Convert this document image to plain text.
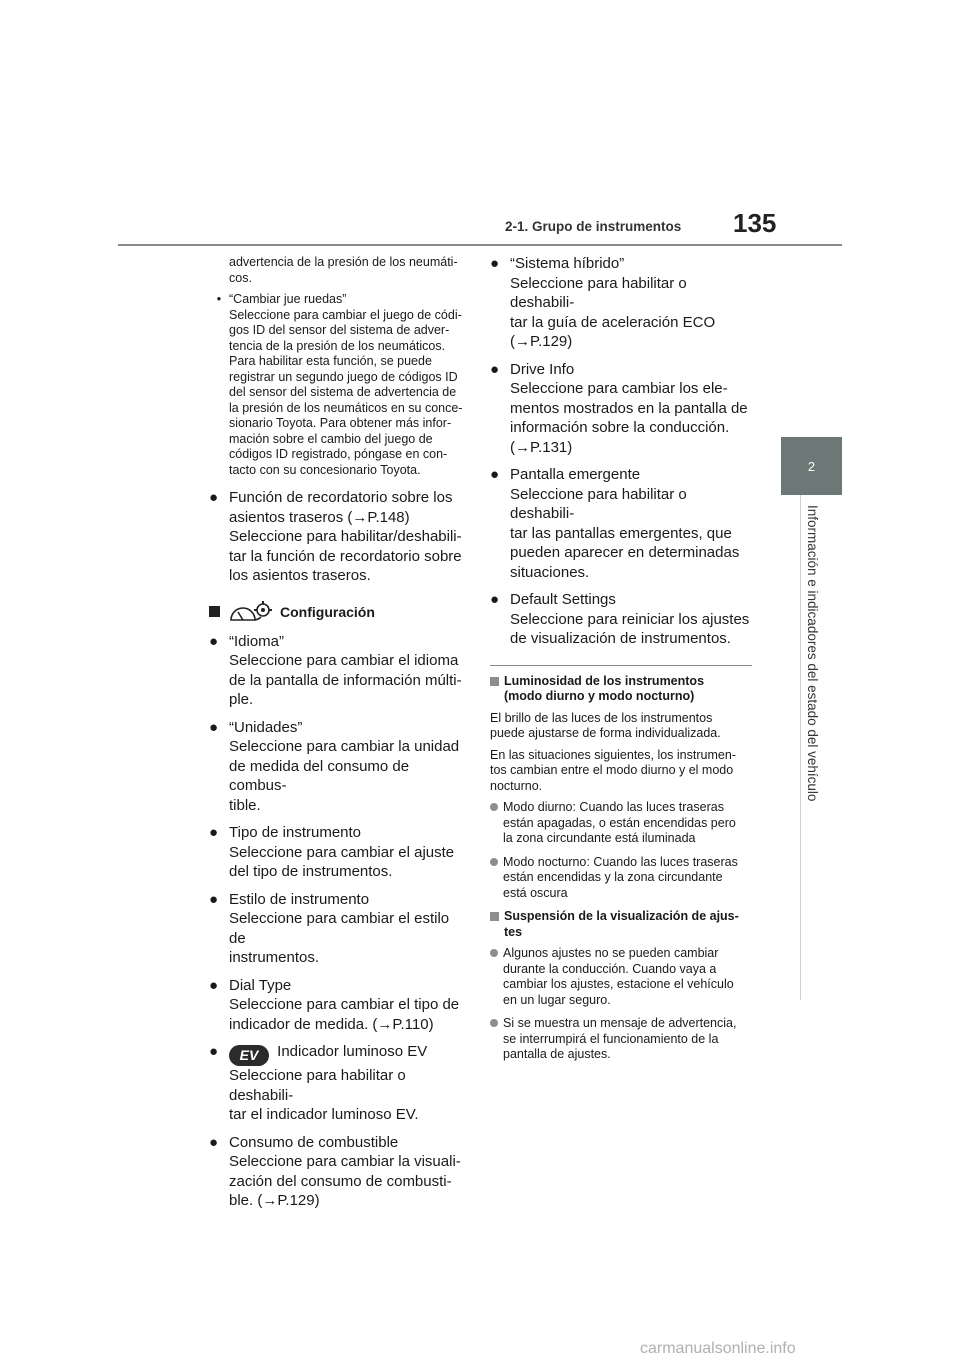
2-1. Grupo de instrumentos 135
2
Información e indicadores del estado del vehículo
advertencia de la presión de los neumáti-
cos.
• “Cambiar jue ruedas”
Seleccione para cambiar el juego de códi-
gos ID del sensor del sistema de adver-
tencia de la presión de los neumáticos.
Para habilitar esta función, se puede
registrar un segundo juego de códigos ID
del sensor del sistema de advertencia de
la presión de los neumáticos en su conce-
sionario Toyota. Para obtener más infor-
mación sobre el cambio del juego de
códigos ID registrado, póngase en con-
tacto con su concesionario Toyota.
● Función de recordatorio sobre los
asientos traseros (→P.148)
Seleccione para habilitar/deshabili-
tar la función de recordatorio sobre
los asientos traseros.
Configuración
● “Idioma”
Seleccione para cambiar el idioma
de la pantalla de información múlti-
ple.
● “Unidades”
Seleccione para cambiar la unidad
de medida del consumo de combus-
tible.
● Tipo de instrumento
Seleccione para cambiar el ajuste
del tipo de instrumentos.
● Estilo de instrumento
Seleccione para cambiar el estilo de
instrumentos.
● Dial Type
Seleccione para cambiar el tipo de
indicador de medida. (→P.110)
●	EV Indicador luminoso EV
Seleccione para habilitar o deshabili-
tar el indicador luminoso EV.
● Consumo de combustible
Seleccione para cambiar la visuali-
zación del consumo de combusti-
ble. (→P.129)
● “Sistema híbrido”
Seleccione para habilitar o deshabili-
tar la guía de aceleración ECO
(→P.129)
● Drive Info
Seleccione para cambiar los ele-
mentos mostrados en la pantalla de
información sobre la conducción.
(→P.131)
● Pantalla emergente
Seleccione para habilitar o deshabili-
tar las pantallas emergentes, que
pueden aparecer en determinadas
situaciones.
● Default Settings
Seleccione para reiniciar los ajustes
de visualización de instrumentos.
Luminosidad de los instrumentos
(modo diurno y modo nocturno)

El brillo de las luces de los instrumentos
puede ajustarse de forma individualizada.

En las situaciones siguientes, los instrumen-
tos cambian entre el modo diurno y el modo
nocturno.

Modo diurno: Cuando las luces traseras
están apagadas, o están encendidas pero
la zona circundante está iluminada
Modo nocturno: Cuando las luces traseras
están encendidas y la zona circundante
está oscura
Suspensión de la visualización de ajus-
tes
Algunos ajustes no se pueden cambiar
durante la conducción. Cuando vaya a
cambiar los ajustes, estacione el vehículo
en un lugar seguro.
Si se muestra un mensaje de advertencia,
se interrumpirá el funcionamiento de la
pantalla de ajustes.
carmanualsonline.info
